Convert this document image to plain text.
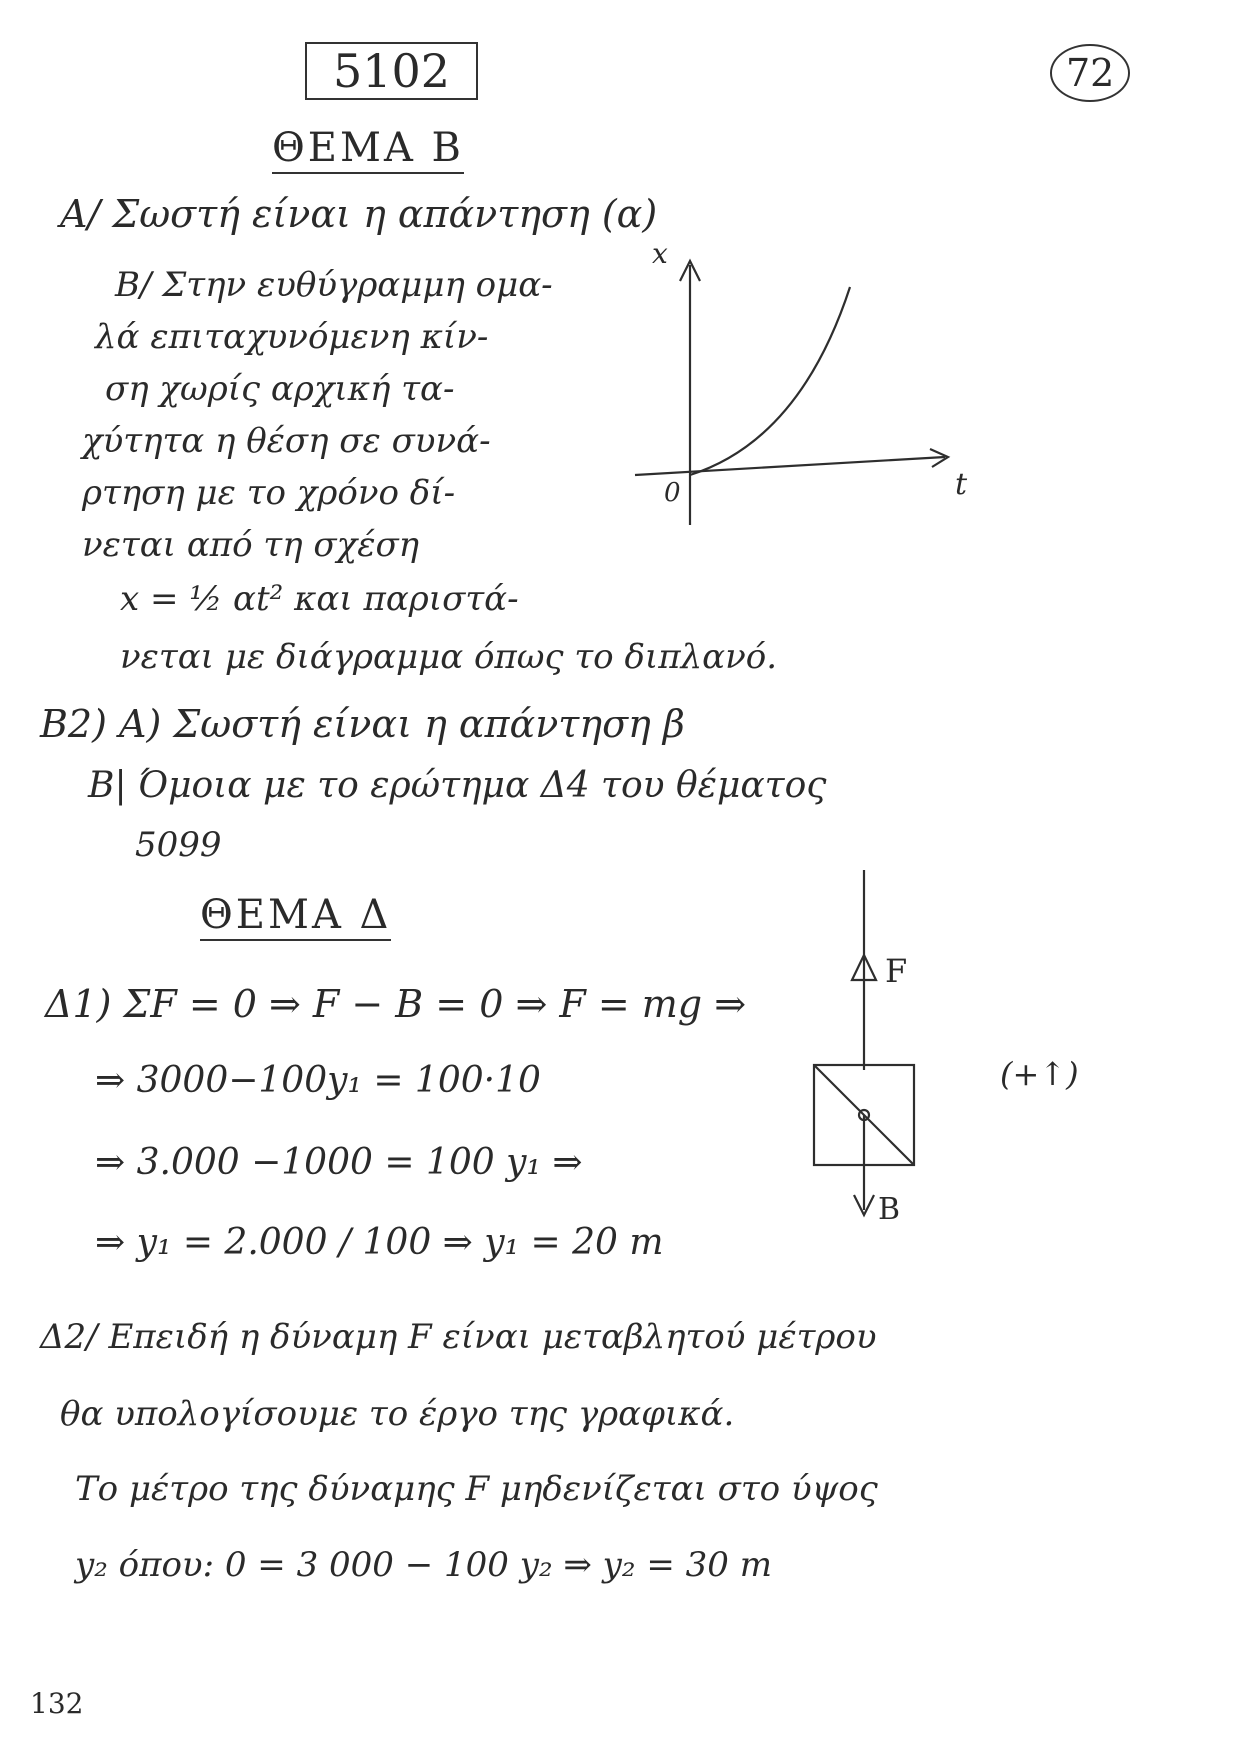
5102	72
ΘΕΜΑ Β
Α/ Σωστή είναι η απάντηση (α)
Β/ Στην ευθύγραμμη ομα-
λά επιταχυνόμενη κίν-
ση χωρίς αρχική τα-
χύτητα η θέση σε συνά-
ρτηση με το χρόνο δί-
νεται από τη σχέση
x = ½ αt² και παριστά-
νεται με διάγραμμα όπως το διπλανό.
x
t
0
Β2) Α) Σωστή είναι η απάντηση β
Β| Όμοια με το ερώτημα Δ4 του θέματος
5099
ΘΕΜΑ Δ
Δ1) ΣF = 0 ⇒ F − B = 0 ⇒ F = mg ⇒
⇒ 3000−100y₁ = 100·10
⇒ 3.000 −1000 = 100 y₁ ⇒
⇒ y₁ = 2.000 / 100 ⇒ y₁ = 20 m
F
B
(+↑)
Δ2/ Επειδή η δύναμη F είναι μεταβλητού μέτρου
θα υπολογίσουμε το έργο της γραφικά.
Το μέτρο της δύναμης F μηδενίζεται στο ύψος
y₂ όπου: 0 = 3 000 − 100 y₂ ⇒ y₂ = 30 m
132
